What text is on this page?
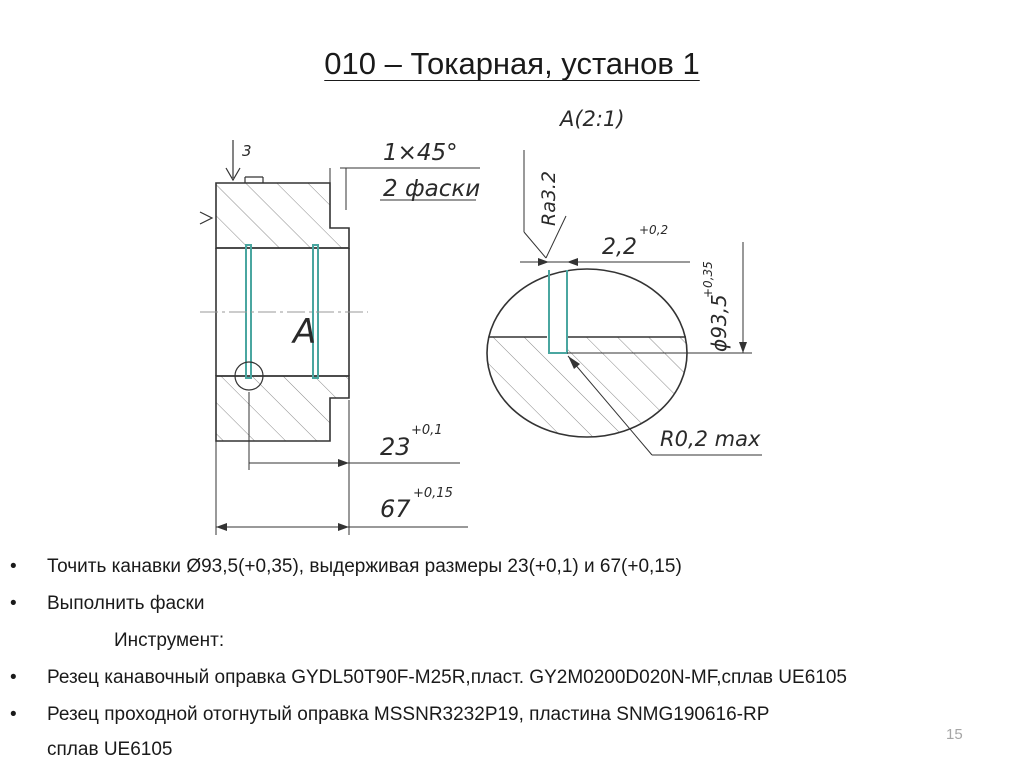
010 – Токарная, установ 1
A
3	1×45°
2 фаски
23
+0,1
67
+0,15
A(2:1)
Ra3.2
2,2
+0,2
ϕ93,5
+0,35
R0,2 max
• Точить канавки Ø93,5(+0,35), выдерживая размеры 23(+0,1) и 67(+0,15)
• Выполнить фаски
Инструмент:
• Резец канавочный оправка GYDL50T90F-M25R,пласт. GY2M0200D020N-MF,сплав UE6105
• Резец проходной отогнутый оправка MSSNR3232P19, пластина SNMG190616-RP
сплав UE6105
15
